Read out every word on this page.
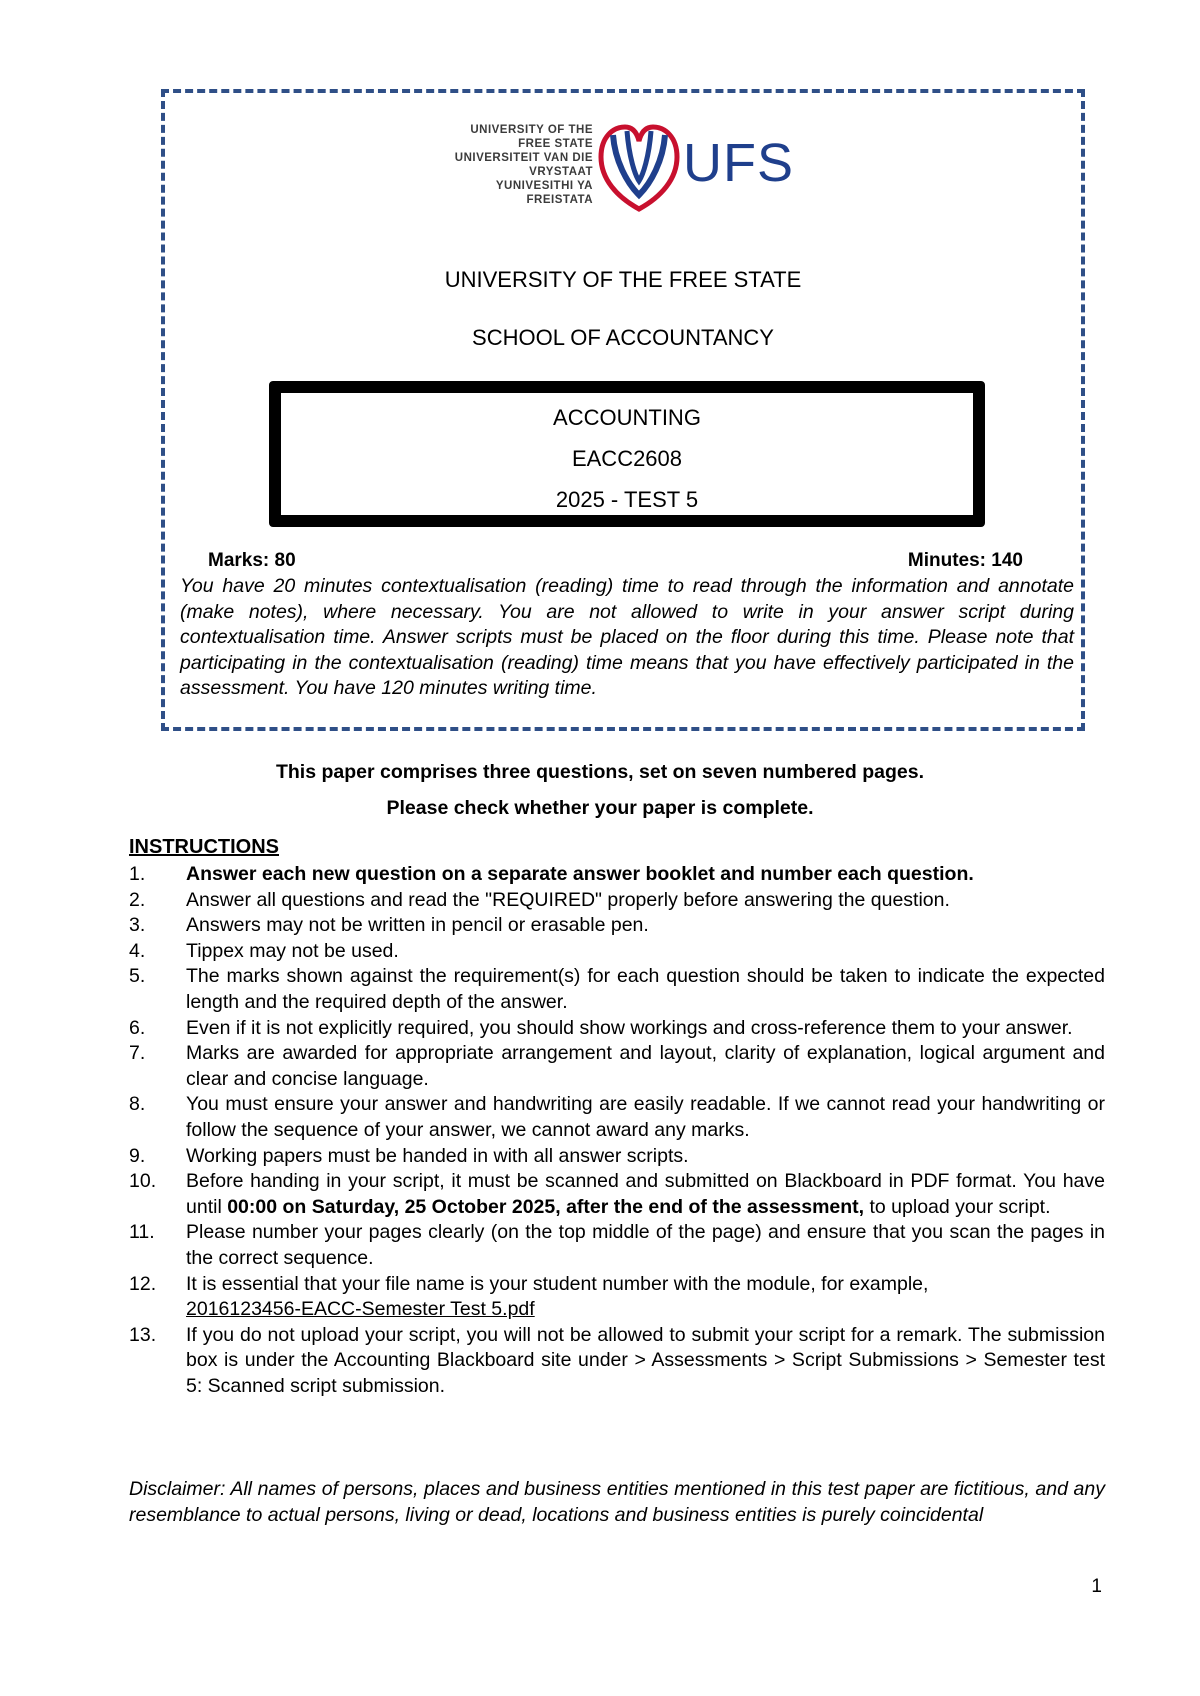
UNIVERSITY OF THE
FREE STATE
UNIVERSITEIT VAN DIE
VRYSTAAT
YUNIVESITHI YA
FREISTATA
UFS
UNIVERSITY OF THE FREE STATE
SCHOOL OF ACCOUNTANCY
ACCOUNTING
EACC2608
2025 - TEST 5
Marks: 80	Minutes: 140

You have 20 minutes contextualisation (reading) time to read through the information and annotate (make notes), where necessary. You are not allowed to write in your answer script during contextualisation time. Answer scripts must be placed on the floor during this time. Please note that participating in the contextualisation (reading) time means that you have effectively participated in the assessment. You have 120 minutes writing time.

This paper comprises three questions, set on seven numbered pages.
Please check whether your paper is complete.
INSTRUCTIONS
1. Answer each new question on a separate answer booklet and number each question.
2. Answer all questions and read the "REQUIRED" properly before answering the question.
3. Answers may not be written in pencil or erasable pen.
4. Tippex may not be used.
5. The marks shown against the requirement(s) for each question should be taken to indicate the expected length and the required depth of the answer.
6. Even if it is not explicitly required, you should show workings and cross-reference them to your answer.
7. Marks are awarded for appropriate arrangement and layout, clarity of explanation, logical argument and clear and concise language.
8. You must ensure your answer and handwriting are easily readable. If we cannot read your handwriting or follow the sequence of your answer, we cannot award any marks.
9. Working papers must be handed in with all answer scripts.
10. Before handing in your script, it must be scanned and submitted on Blackboard in PDF format. You have until 00:00 on Saturday, 25 October 2025, after the end of the assessment, to upload your script.
11. Please number your pages clearly (on the top middle of the page) and ensure that you scan the pages in the correct sequence.
12. It is essential that your file name is your student number with the module, for example,
2016123456-EACC-Semester Test 5.pdf
13. If you do not upload your script, you will not be allowed to submit your script for a remark. The submission box is under the Accounting Blackboard site under > Assessments > Script Submissions > Semester test 5: Scanned script submission.

Disclaimer: All names of persons, places and business entities mentioned in this test paper are fictitious, and any resemblance to actual persons, living or dead, locations and business entities is purely coincidental

1
